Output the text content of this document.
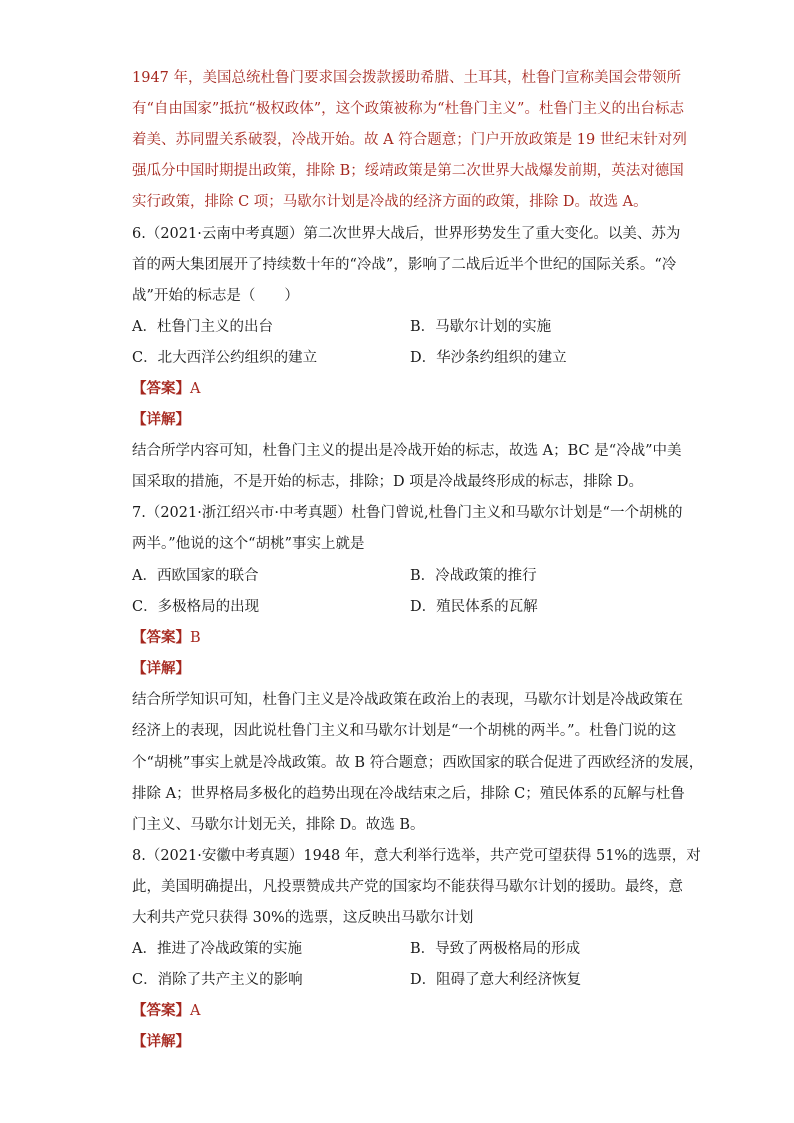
1947 年，美国总统杜鲁门要求国会拨款援助希腊、土耳其，杜鲁门宣称美国会带领所
有“自由国家”抵抗“极权政体”，这个政策被称为“杜鲁门主义”。杜鲁门主义的出台标志
着美、苏同盟关系破裂，冷战开始。故 A 符合题意；门户开放政策是 19 世纪末针对列
强瓜分中国时期提出政策，排除 B；绥靖政策是第二次世界大战爆发前期，英法对德国
实行政策，排除 C 项；马歇尔计划是冷战的经济方面的政策，排除 D。故选 A。
6.（2021·云南中考真题）第二次世界大战后，世界形势发生了重大变化。以美、苏为
首的两大集团展开了持续数十年的“冷战”，影响了二战后近半个世纪的国际关系。“冷
战”开始的标志是（　　）
A．杜鲁门主义的出台	B．马歇尔计划的实施
C．北大西洋公约组织的建立	D．华沙条约组织的建立
【答案】A
【详解】
结合所学内容可知，杜鲁门主义的提出是冷战开始的标志，故选 A；BC 是“冷战”中美
国采取的措施，不是开始的标志，排除；D 项是冷战最终形成的标志，排除 D。
7.（2021·浙江绍兴市·中考真题）杜鲁门曾说,杜鲁门主义和马歇尔计划是“一个胡桃的
两半。”他说的这个“胡桃”事实上就是
A．西欧国家的联合	B．冷战政策的推行
C．多极格局的出现	D．殖民体系的瓦解
【答案】B
【详解】
结合所学知识可知，杜鲁门主义是冷战政策在政治上的表现，马歇尔计划是冷战政策在
经济上的表现，因此说杜鲁门主义和马歇尔计划是“一个胡桃的两半。”。杜鲁门说的这
个“胡桃”事实上就是冷战政策。故 B 符合题意；西欧国家的联合促进了西欧经济的发展，
排除 A；世界格局多极化的趋势出现在冷战结束之后，排除 C；殖民体系的瓦解与杜鲁
门主义、马歇尔计划无关，排除 D。故选 B。
8.（2021·安徽中考真题）1948 年，意大利举行选举，共产党可望获得 51%的选票，对
此，美国明确提出，凡投票赞成共产党的国家均不能获得马歇尔计划的援助。最终，意
大利共产党只获得 30%的选票，这反映出马歇尔计划
A．推进了冷战政策的实施	B．导致了两极格局的形成
C．消除了共产主义的影响	D．阻碍了意大利经济恢复
【答案】A
【详解】
